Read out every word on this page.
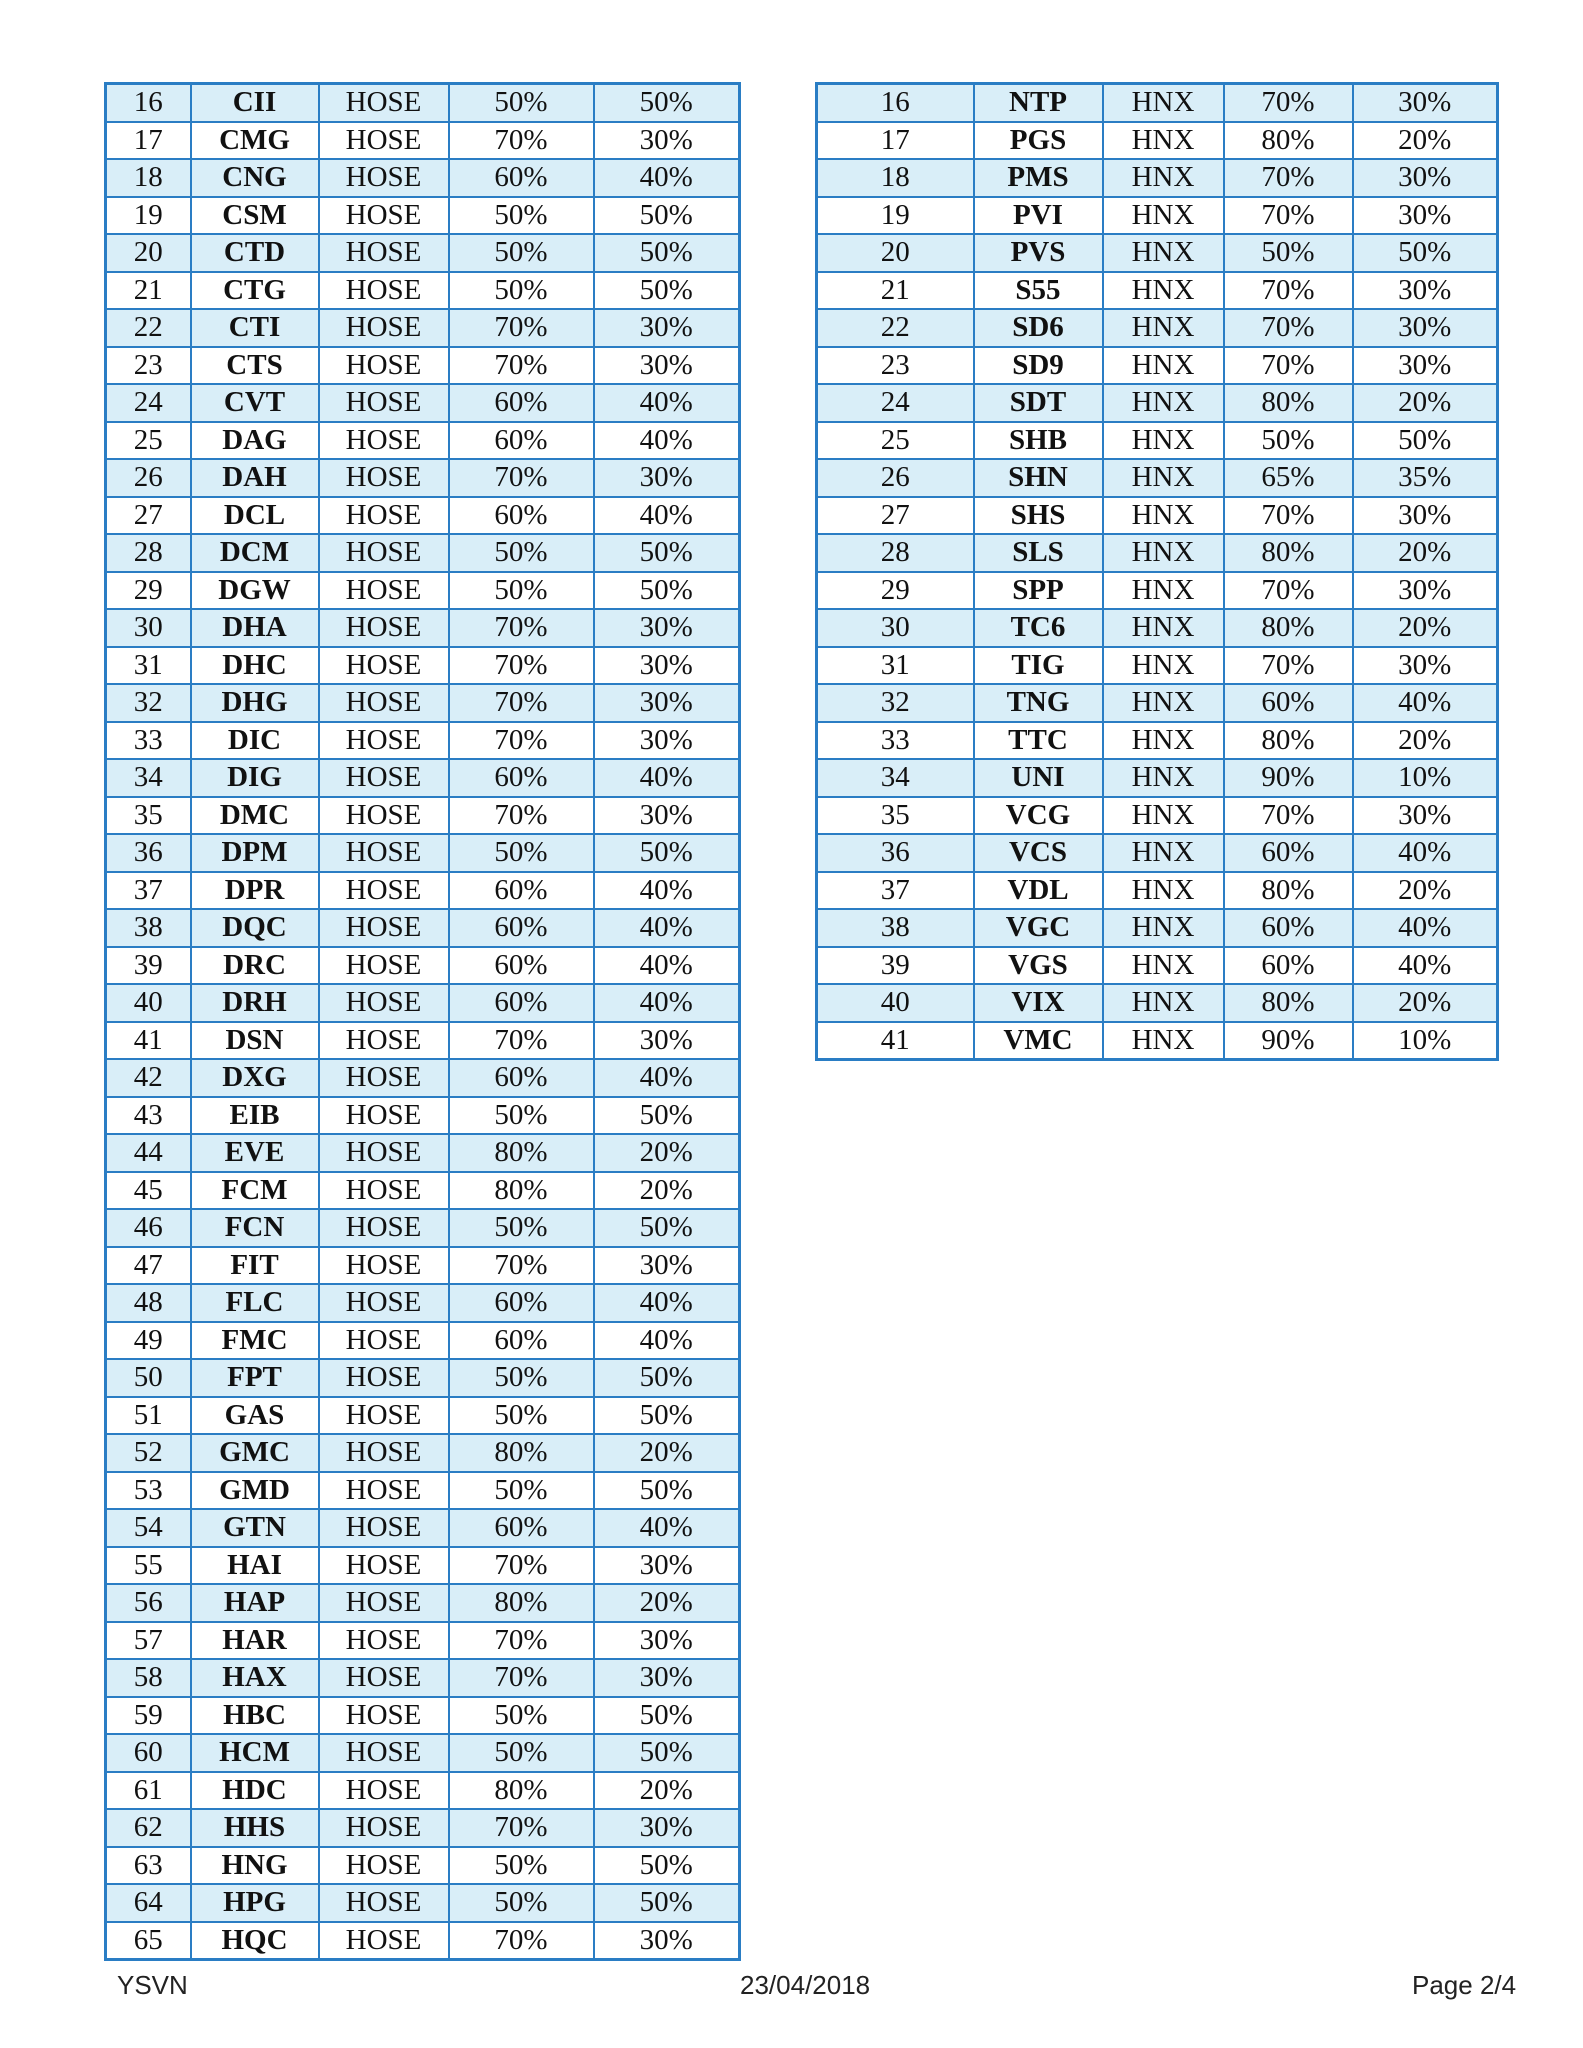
16	CII	HOSE	50%	50%
17	CMG	HOSE	70%	30%
18	CNG	HOSE	60%	40%
19	CSM	HOSE	50%	50%
20	CTD	HOSE	50%	50%
21	CTG	HOSE	50%	50%
22	CTI	HOSE	70%	30%
23	CTS	HOSE	70%	30%
24	CVT	HOSE	60%	40%
25	DAG	HOSE	60%	40%
26	DAH	HOSE	70%	30%
27	DCL	HOSE	60%	40%
28	DCM	HOSE	50%	50%
29	DGW	HOSE	50%	50%
30	DHA	HOSE	70%	30%
31	DHC	HOSE	70%	30%
32	DHG	HOSE	70%	30%
33	DIC	HOSE	70%	30%
34	DIG	HOSE	60%	40%
35	DMC	HOSE	70%	30%
36	DPM	HOSE	50%	50%
37	DPR	HOSE	60%	40%
38	DQC	HOSE	60%	40%
39	DRC	HOSE	60%	40%
40	DRH	HOSE	60%	40%
41	DSN	HOSE	70%	30%
42	DXG	HOSE	60%	40%
43	EIB	HOSE	50%	50%
44	EVE	HOSE	80%	20%
45	FCM	HOSE	80%	20%
46	FCN	HOSE	50%	50%
47	FIT	HOSE	70%	30%
48	FLC	HOSE	60%	40%
49	FMC	HOSE	60%	40%
50	FPT	HOSE	50%	50%
51	GAS	HOSE	50%	50%
52	GMC	HOSE	80%	20%
53	GMD	HOSE	50%	50%
54	GTN	HOSE	60%	40%
55	HAI	HOSE	70%	30%
56	HAP	HOSE	80%	20%
57	HAR	HOSE	70%	30%
58	HAX	HOSE	70%	30%
59	HBC	HOSE	50%	50%
60	HCM	HOSE	50%	50%
61	HDC	HOSE	80%	20%
62	HHS	HOSE	70%	30%
63	HNG	HOSE	50%	50%
64	HPG	HOSE	50%	50%
65	HQC	HOSE	70%	30%
16	NTP	HNX	70%	30%
17	PGS	HNX	80%	20%
18	PMS	HNX	70%	30%
19	PVI	HNX	70%	30%
20	PVS	HNX	50%	50%
21	S55	HNX	70%	30%
22	SD6	HNX	70%	30%
23	SD9	HNX	70%	30%
24	SDT	HNX	80%	20%
25	SHB	HNX	50%	50%
26	SHN	HNX	65%	35%
27	SHS	HNX	70%	30%
28	SLS	HNX	80%	20%
29	SPP	HNX	70%	30%
30	TC6	HNX	80%	20%
31	TIG	HNX	70%	30%
32	TNG	HNX	60%	40%
33	TTC	HNX	80%	20%
34	UNI	HNX	90%	10%
35	VCG	HNX	70%	30%
36	VCS	HNX	60%	40%
37	VDL	HNX	80%	20%
38	VGC	HNX	60%	40%
39	VGS	HNX	60%	40%
40	VIX	HNX	80%	20%
41	VMC	HNX	90%	10%
YSVN	23/04/2018	Page 2/4
